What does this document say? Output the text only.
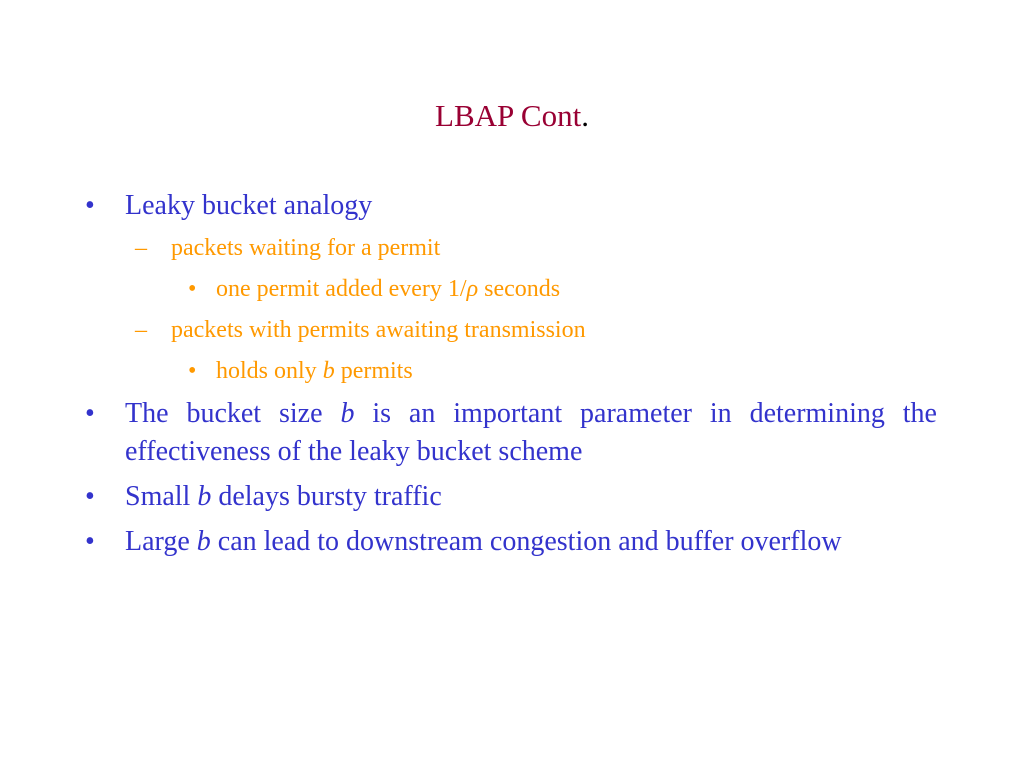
LBAP Cont.
• Leaky bucket analogy
– packets waiting for a permit
• one permit added every 1/ρ seconds
– packets with permits awaiting transmission
• holds only b permits
• The bucket size b is an important parameter in determining the effectiveness of the leaky bucket scheme
• Small b delays bursty traffic
• Large b can lead to downstream congestion and buffer overflow
